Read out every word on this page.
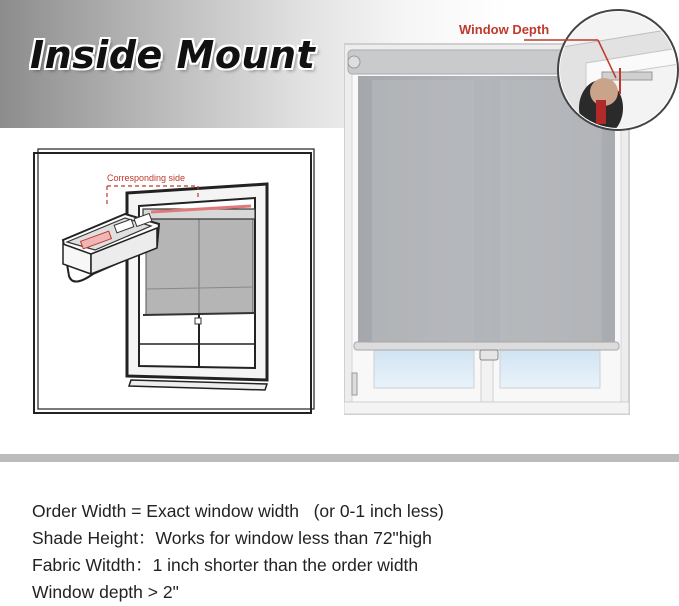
Inside Mount
Corresponding side
Window Depth
Order Width = Exact window width   (or 0-1 inch less)
Shade Height：Works for window less than 72"high
Fabric Witdth：1 inch shorter than the order width
Window depth > 2"
